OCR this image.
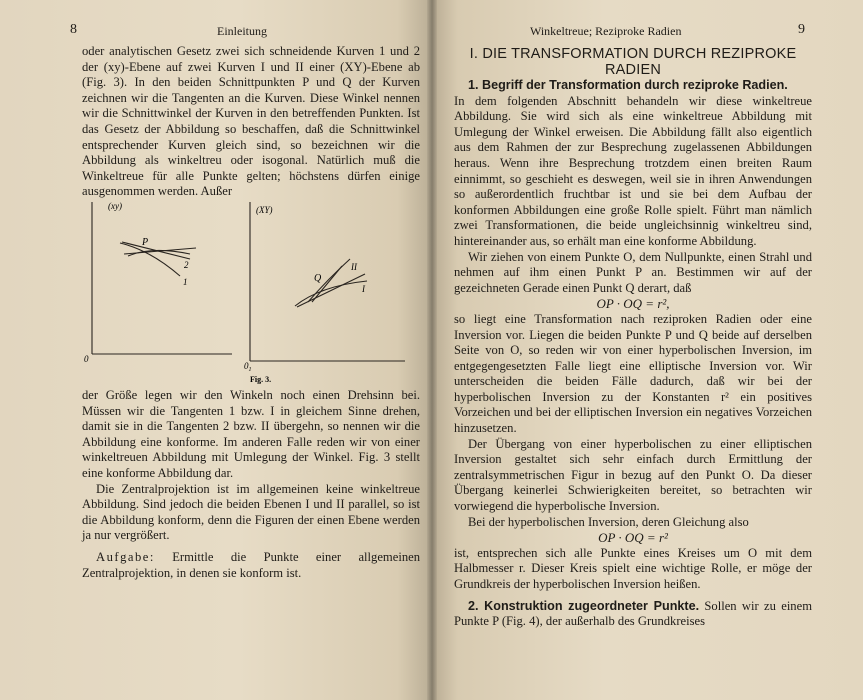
8	Einleitung

oder analytischen Gesetz zwei sich schneidende Kurven 1 und 2 der (xy)-Ebene auf zwei Kurven I und II einer (XY)-Ebene ab (Fig. 3). In den beiden Schnittpunkten P und Q der Kurven zeichnen wir die Tangenten an die Kurven. Diese Winkel nennen wir die Schnittwinkel der Kurven in den betreffenden Punkten. Ist das Gesetz der Abbildung so beschaffen, daß die Schnittwinkel entsprechender Kurven gleich sind, so bezeichnen wir die Abbildung als winkeltreu oder isogonal. Natürlich muß die Winkeltreue für alle Punkte gelten; höchstens dürfen einige ausgenommen werden. Außer

(xy)	(XY)
P
1
2
Q
II
I
0
$0_1$
Fig. 3.

der Größe legen wir den Winkeln noch einen Drehsinn bei. Müssen wir die Tangenten 1 bzw. I in gleichem Sinne drehen, damit sie in die Tangenten 2 bzw. II übergehn, so nennen wir die Abbildung eine konforme. Im anderen Falle reden wir von einer winkeltreuen Abbildung mit Umlegung der Winkel. Fig. 3 stellt eine konforme Abbildung dar.

Die Zentralprojektion ist im allgemeinen keine winkeltreue Abbildung. Sind jedoch die beiden Ebenen I und II parallel, so ist die Abbildung konform, denn die Figuren der einen Ebene werden ja nur vergrößert.

Aufgabe: Ermittle die Punkte einer allgemeinen Zentralprojektion, in denen sie konform ist.

Winkeltreue; Reziproke Radien	9

I. DIE TRANSFORMATION DURCH REZIPROKE RADIEN

1. Begriff der Transformation durch reziproke Radien.

In dem folgenden Abschnitt behandeln wir diese winkeltreue Abbildung. Sie wird sich als eine winkeltreue Abbildung mit Umlegung der Winkel erweisen. Die Abbildung fällt also eigentlich aus dem Rahmen der zur Besprechung zugelassenen Abbildungen heraus. Wenn ihre Besprechung trotzdem einen breiten Raum einnimmt, so geschieht es deswegen, weil sie in ihren Anwendungen so außerordentlich fruchtbar ist und sie bei dem Aufbau der konformen Abbildungen eine große Rolle spielt. Führt man nämlich zwei Transformationen, die beide ungleichsinnig winkeltreu sind, hintereinander aus, so erhält man eine konforme Abbildung.

Wir ziehen von einem Punkte O, dem Nullpunkte, einen Strahl und nehmen auf ihm einen Punkt P an. Bestimmen wir auf der gezeichneten Gerade einen Punkt Q derart, daß

OP · OQ = r²,

so liegt eine Transformation nach reziproken Radien oder eine Inversion vor. Liegen die beiden Punkte P und Q beide auf derselben Seite von O, so reden wir von einer hyperbolischen Inversion, im entgegengesetzten Falle liegt eine elliptische Inversion vor. Wir unterscheiden die beiden Fälle dadurch, daß wir bei der hyperbolischen Inversion zu der Konstanten r² ein positives Vorzeichen und bei der elliptischen Inversion ein negatives Vorzeichen hinzusetzen.

Der Übergang von einer hyperbolischen zu einer elliptischen Inversion gestaltet sich sehr einfach durch Ermittlung der zentralsymmetrischen Figur in bezug auf den Punkt O. Da dieser Übergang keinerlei Schwierigkeiten bereitet, so betrachten wir vorwiegend die hyperbolische Inversion.

Bei der hyperbolischen Inversion, deren Gleichung also

OP · OQ = r²

ist, entsprechen sich alle Punkte eines Kreises um O mit dem Halbmesser r. Dieser Kreis spielt eine wichtige Rolle, er möge der Grundkreis der hyperbolischen Inversion heißen.

2. Konstruktion zugeordneter Punkte. Sollen wir zu einem Punkte P (Fig. 4), der außerhalb des Grundkreises
